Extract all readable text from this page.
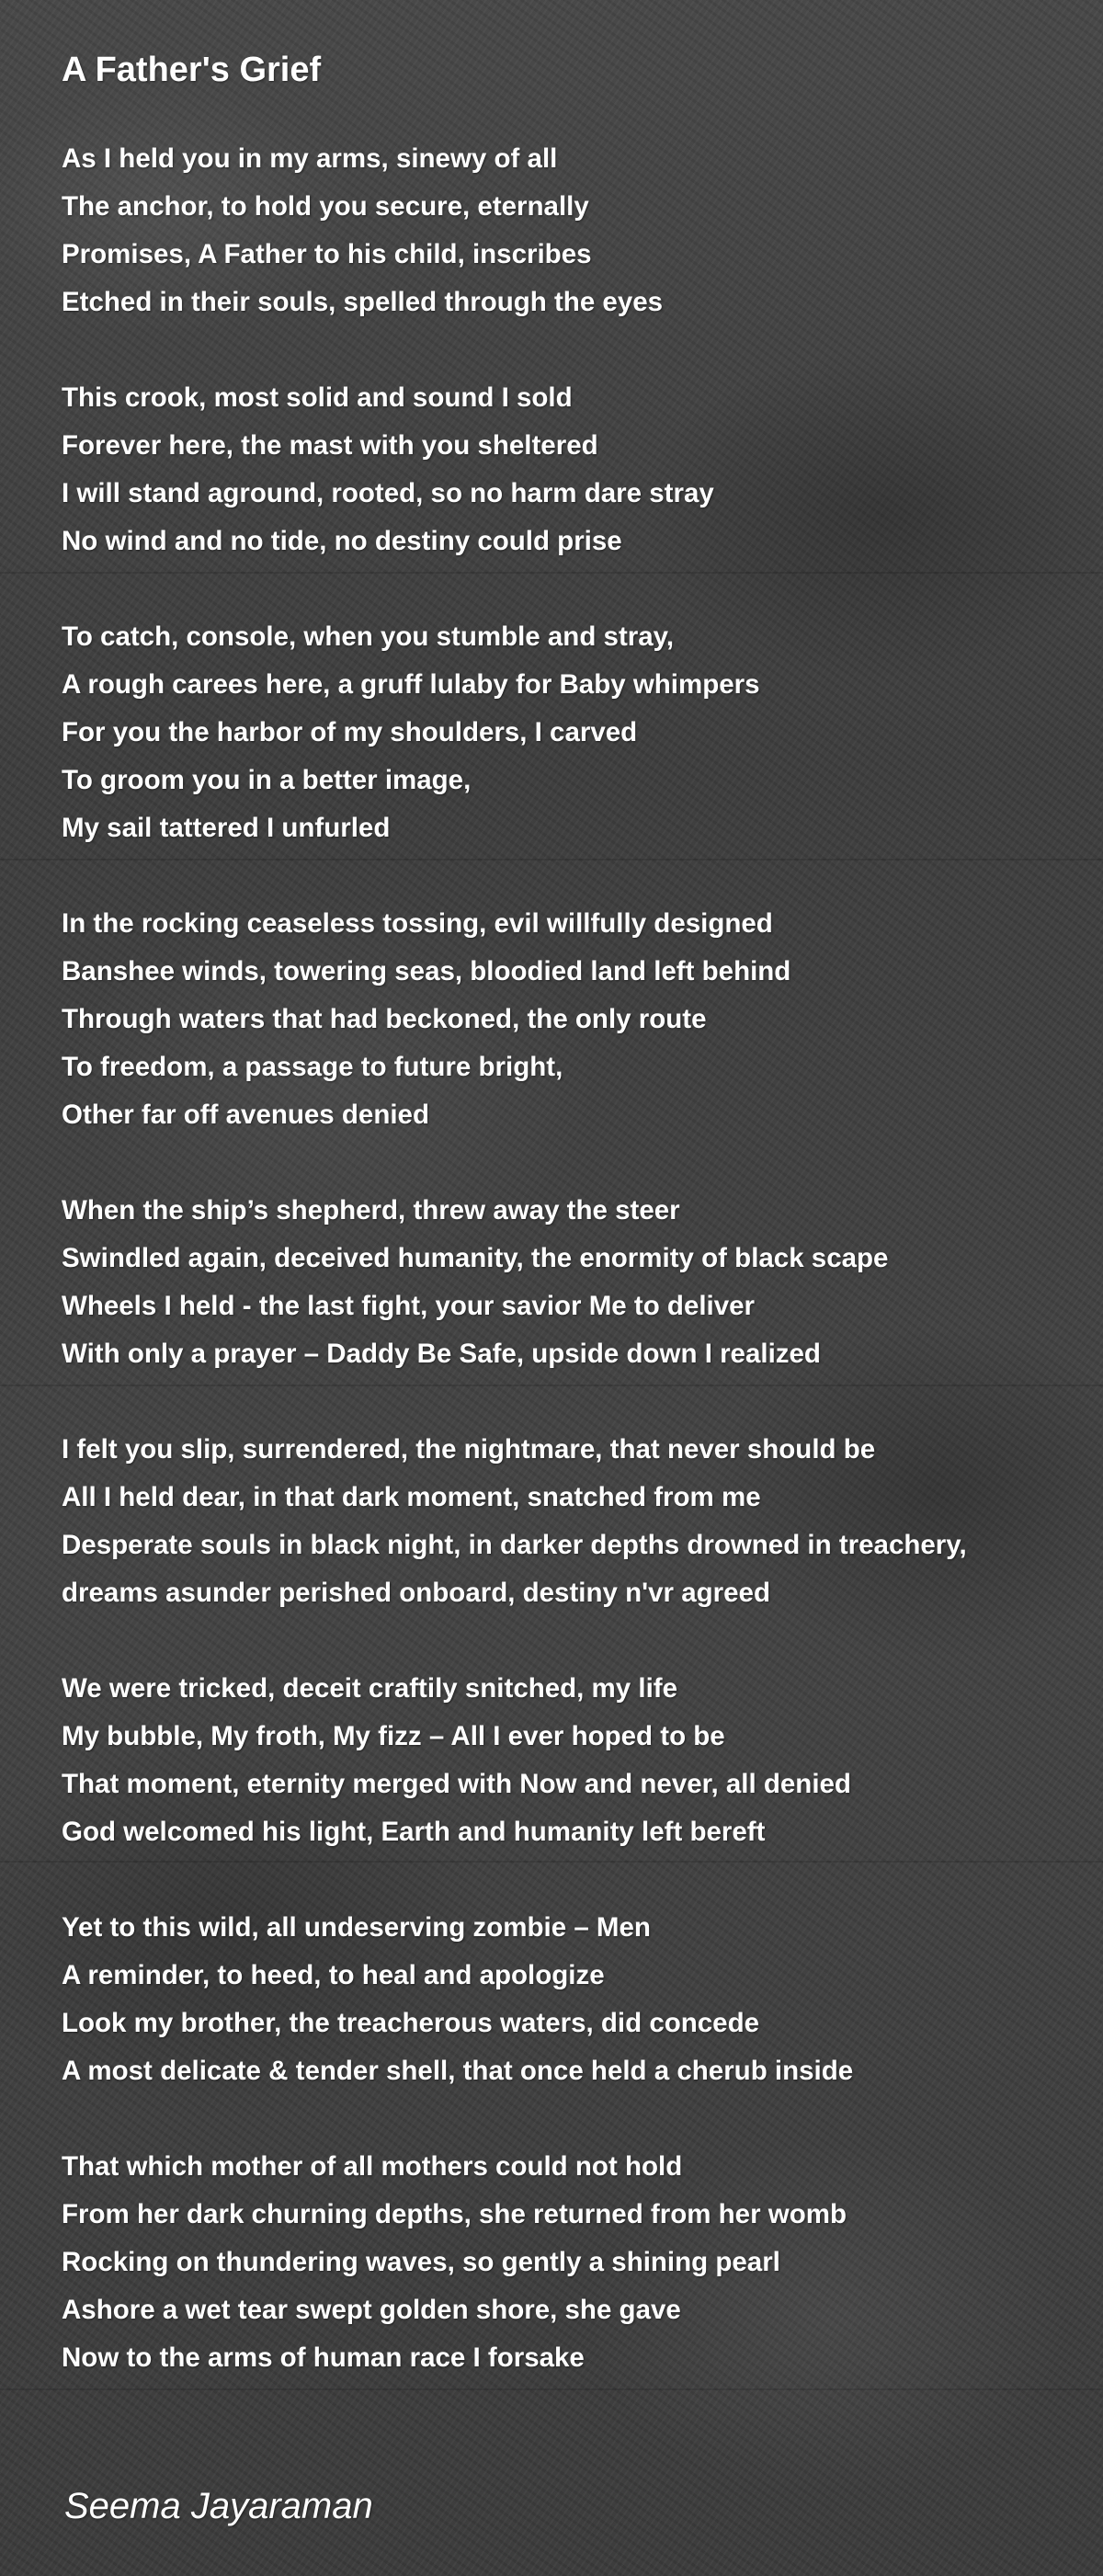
A Father's Grief
As I held you in my arms, sinewy of all
The anchor, to hold you secure, eternally
Promises, A Father to his child, inscribes
Etched in their souls, spelled through the eyes
This crook, most solid and sound I sold
Forever here, the mast with you sheltered
I will stand aground, rooted, so no harm dare stray
No wind and no tide, no destiny could prise
To catch, console, when you stumble and stray,
A rough carees here, a gruff lulaby for Baby whimpers
For you the harbor of my shoulders, I carved
To groom you in a better image,
My sail tattered I unfurled
In the rocking ceaseless tossing, evil willfully designed
Banshee winds, towering seas, bloodied land left behind
Through waters that had beckoned, the only route
To freedom, a passage to future bright,
Other far off avenues denied
When the ship’s shepherd, threw away the steer
Swindled again, deceived humanity, the enormity of black scape
Wheels I held - the last fight, your savior Me to deliver
With only a prayer – Daddy Be Safe, upside down I realized
I felt you slip, surrendered, the nightmare, that never should be
All I held dear, in that dark moment, snatched from me
Desperate souls in black night, in darker depths drowned in treachery,
dreams asunder perished onboard, destiny n'vr agreed
We were tricked, deceit craftily snitched, my life
My bubble, My froth, My fizz – All I ever hoped to be
That moment, eternity merged with Now and never, all denied
God welcomed his light, Earth and humanity left bereft
Yet to this wild, all undeserving zombie – Men
A reminder, to heed, to heal and apologize
Look my brother, the treacherous waters, did concede
A most delicate & tender shell, that once held a cherub inside
That which mother of all mothers could not hold
From her dark churning depths, she returned from her womb
Rocking on thundering waves, so gently a shining pearl
Ashore a wet tear swept golden shore, she gave
Now to the arms of human race I forsake
Seema Jayaraman
